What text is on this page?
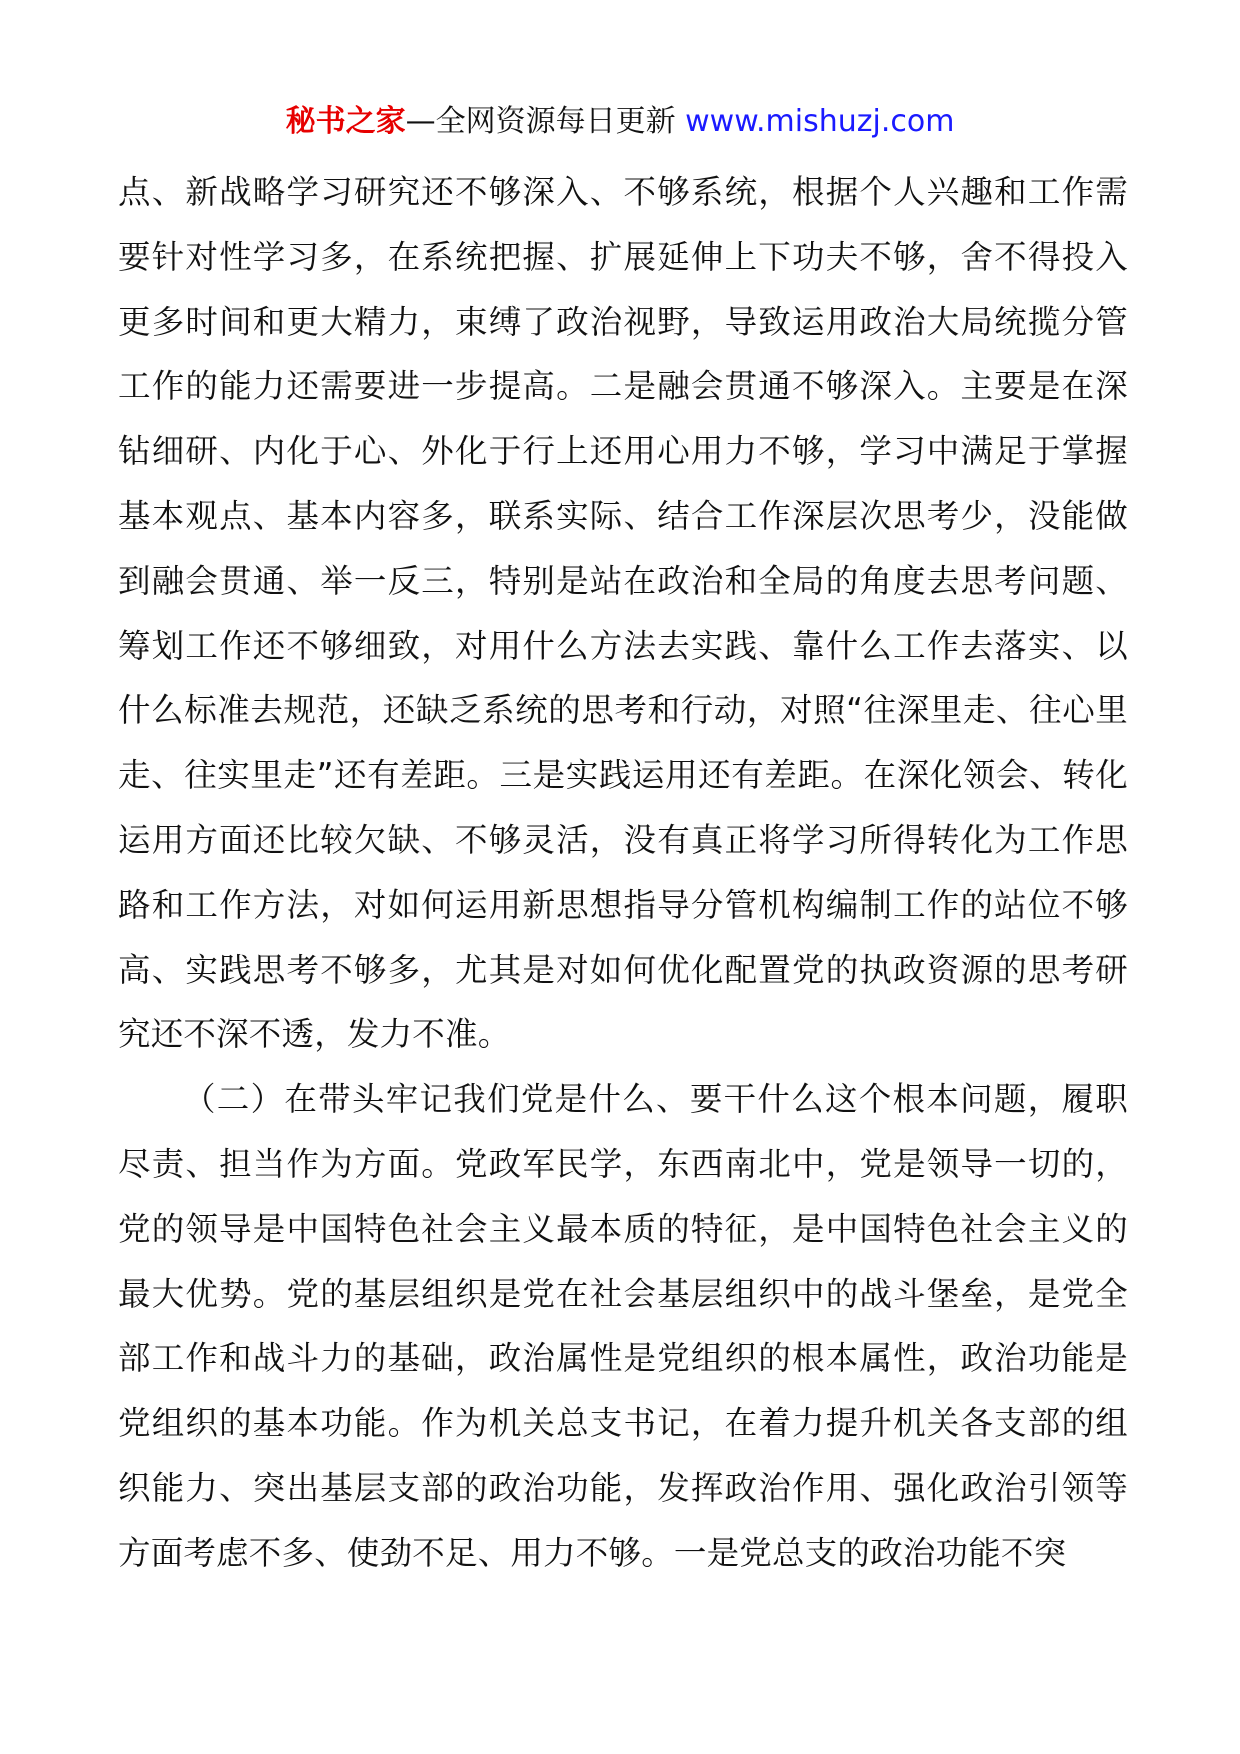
秘书之家—全网资源每日更新 www.mishuzj.com

点、新战略学习研究还不够深入、不够系统，根据个人兴趣和工作需要针对性学习多，在系统把握、扩展延伸上下功夫不够，舍不得投入更多时间和更大精力，束缚了政治视野，导致运用政治大局统揽分管工作的能力还需要进一步提高。二是融会贯通不够深入。主要是在深钻细研、内化于心、外化于行上还用心用力不够，学习中满足于掌握基本观点、基本内容多，联系实际、结合工作深层次思考少，没能做到融会贯通、举一反三，特别是站在政治和全局的角度去思考问题、筹划工作还不够细致，对用什么方法去实践、靠什么工作去落实、以什么标准去规范，还缺乏系统的思考和行动，对照“往深里走、往心里走、往实里走”还有差距。三是实践运用还有差距。在深化领会、转化运用方面还比较欠缺、不够灵活，没有真正将学习所得转化为工作思路和工作方法，对如何运用新思想指导分管机构编制工作的站位不够高、实践思考不够多，尤其是对如何优化配置党的执政资源的思考研究还不深不透，发力不准。

（二）在带头牢记我们党是什么、要干什么这个根本问题，履职尽责、担当作为方面。党政军民学，东西南北中，党是领导一切的，党的领导是中国特色社会主义最本质的特征，是中国特色社会主义的最大优势。党的基层组织是党在社会基层组织中的战斗堡垒，是党全部工作和战斗力的基础，政治属性是党组织的根本属性，政治功能是党组织的基本功能。作为机关总支书记，在着力提升机关各支部的组织能力、突出基层支部的政治功能，发挥政治作用、强化政治引领等方面考虑不多、使劲不足、用力不够。一是党总支的政治功能不突
